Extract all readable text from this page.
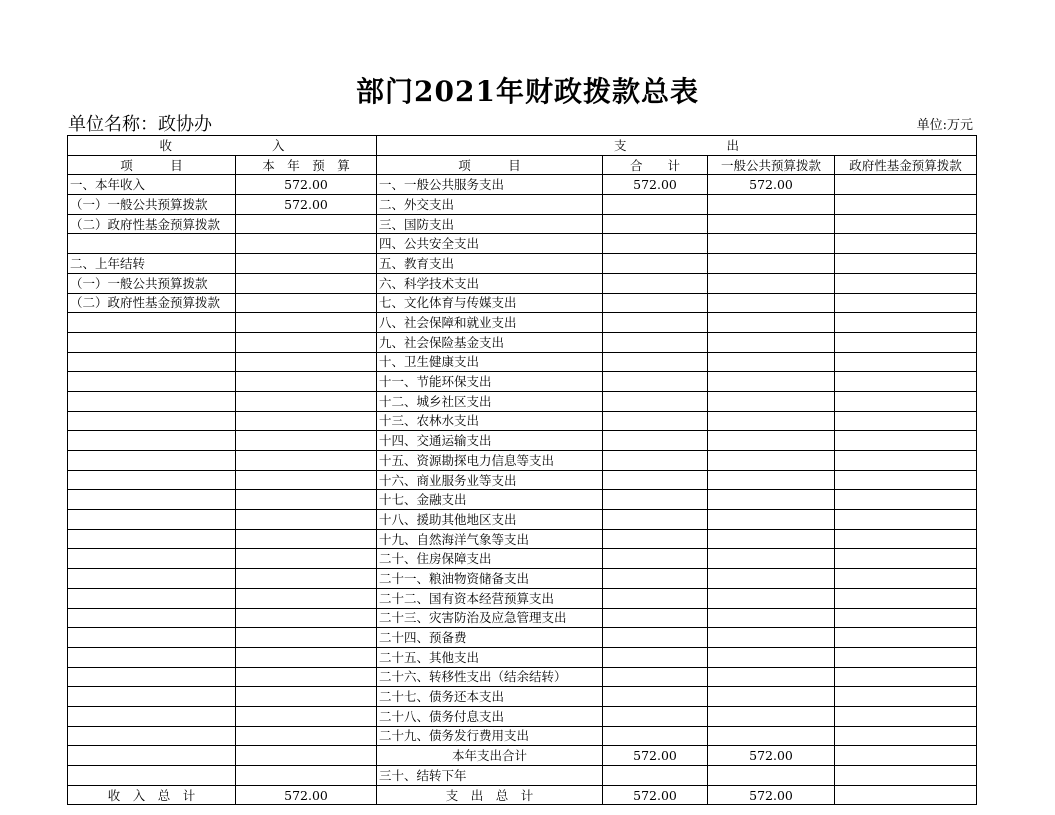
部门2021年财政拨款总表
单位名称：政协办	单位:万元
收　　　　　　　　入		支　　　　　　　　出			
项　　　目	本　年　预　算	项　　　目	合　　计	一般公共预算拨款	政府性基金预算拨款
一、本年收入	572.00	一、一般公共服务支出	572.00	572.00	
（一）一般公共预算拨款	572.00	二、外交支出			
（二）政府性基金预算拨款		三、国防支出			
		四、公共安全支出			
二、上年结转		五、教育支出			
（一）一般公共预算拨款		六、科学技术支出			
（二）政府性基金预算拨款		七、文化体育与传媒支出			
		八、社会保障和就业支出			
		九、社会保险基金支出			
		十、卫生健康支出			
		十一、节能环保支出			
		十二、城乡社区支出			
		十三、农林水支出			
		十四、交通运输支出			
		十五、资源勘探电力信息等支出			
		十六、商业服务业等支出			
		十七、金融支出			
		十八、援助其他地区支出			
		十九、自然海洋气象等支出			
		二十、住房保障支出			
		二十一、粮油物资储备支出			
		二十二、国有资本经营预算支出			
		二十三、灾害防治及应急管理支出			
		二十四、预备费			
		二十五、其他支出			
		二十六、转移性支出（结余结转）			
		二十七、债务还本支出			
		二十八、债务付息支出			
		二十九、债务发行费用支出			
		本年支出合计	572.00	572.00	
		三十、结转下年			
收　入　总　计	572.00	支　出　总　计	572.00	572.00	
